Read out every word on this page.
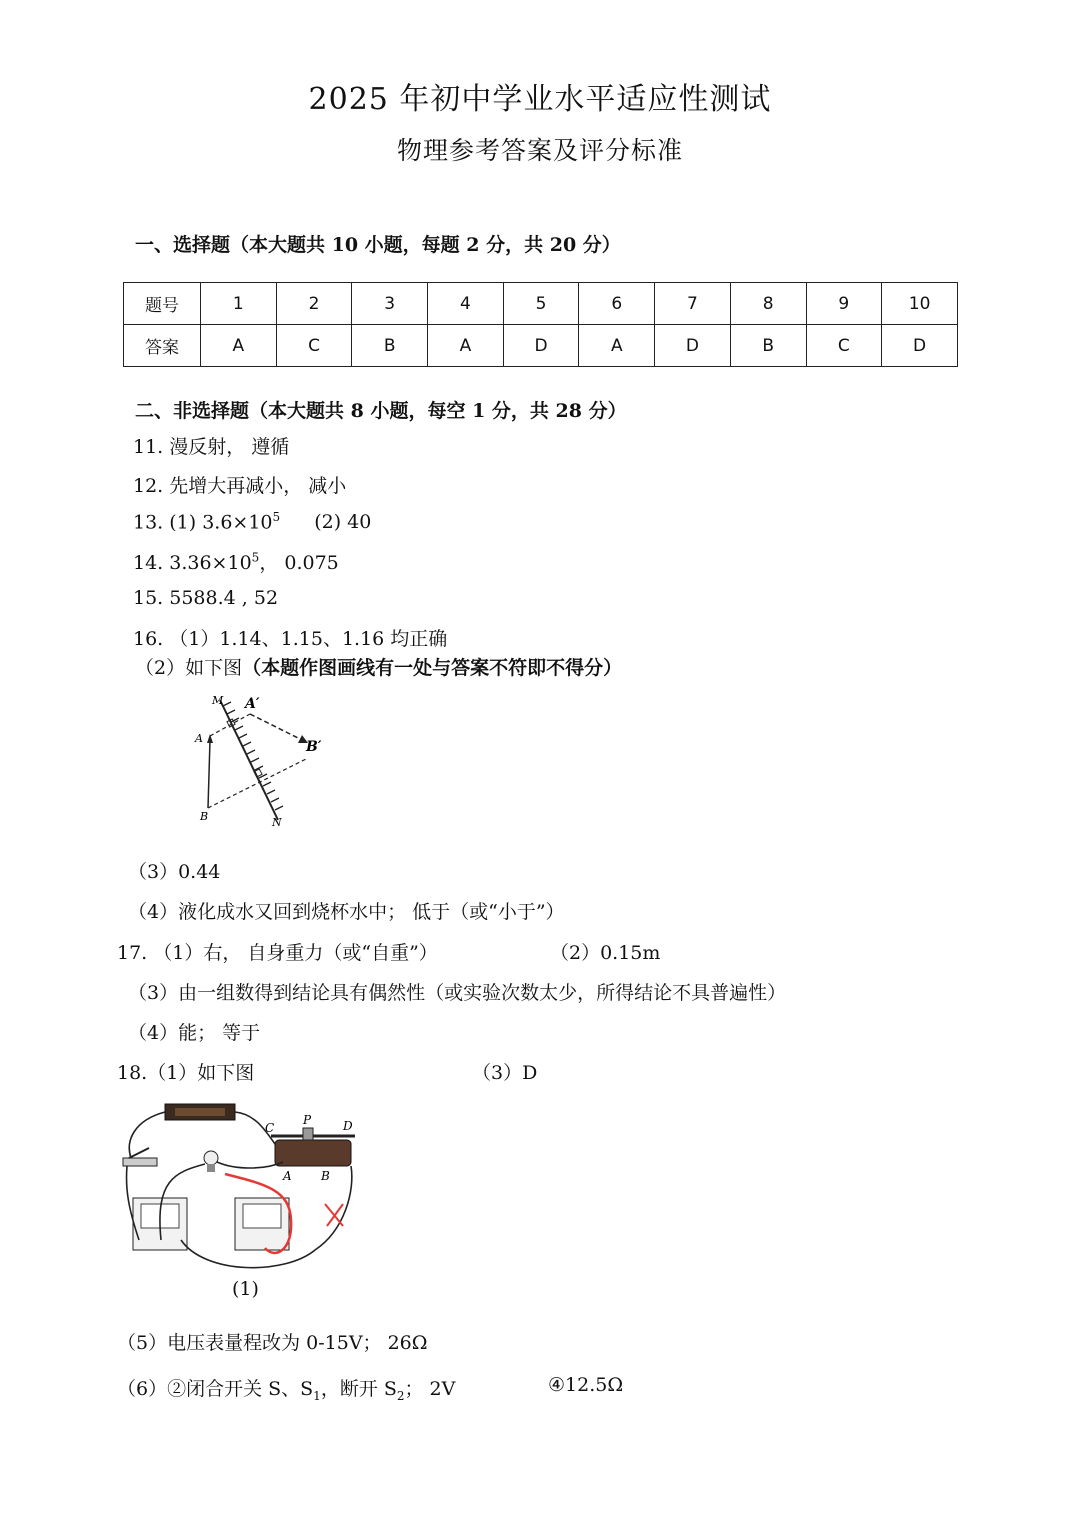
2025 年初中学业水平适应性测试
物理参考答案及评分标准
一、选择题（本大题共 10 小题，每题 2 分，共 20 分）
题号	1	2	3	4	5	6	7	8	9	10
答案	A	C	B	A	D	A	D	B	C	D
二、非选择题（本大题共 8 小题，每空 1 分，共 28 分）
11. 漫反射， 遵循
12. 先增大再减小， 减小
13. (1) $3.6\times 10^5$ (2) 40
14. $3.36\times 10^5$， 0.075
15. 5588.4 , 52
16. （1）1.14、1.15、1.16 均正确
（2）如下图（本题作图画线有一处与答案不符即不得分）
M
N
A
B
A′
B′
（3）0.44
（4）液化成水又回到烧杯水中； 低于（或“小于”）
17. （1）右， 自身重力（或“自重”）	（2）0.15m
（3）由一组数得到结论具有偶然性（或实验次数太少，所得结论不具普遍性）
（4）能； 等于
18.（1）如下图	（3）D
C
P	D
A B
(1)
（5）电压表量程改为 0-15V； 26Ω
（6）②闭合开关 S、$S_1$，断开 $S_2$； 2V	④12.5Ω
